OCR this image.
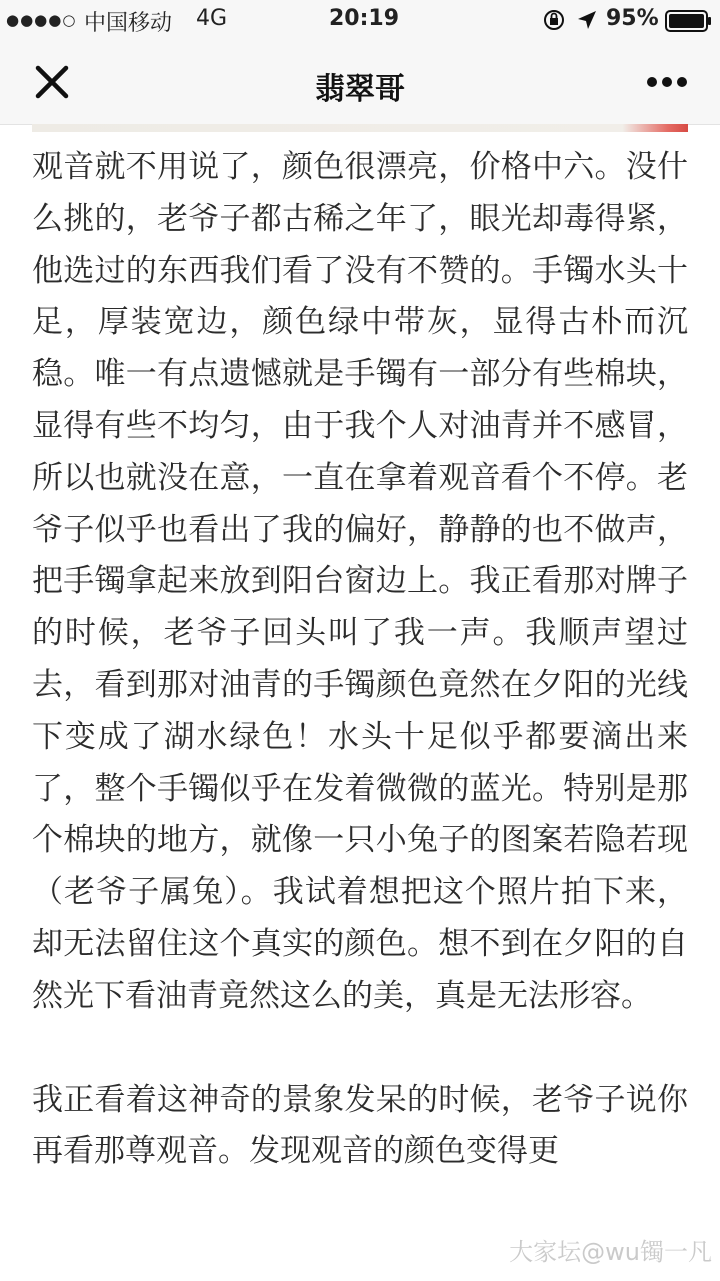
●●●●○ 中国移动 4G	20:19	95%
翡翠哥

观音就不用说了，颜色很漂亮，价格中六。没什么挑的，老爷子都古稀之年了，眼光却毒得紧，他选过的东西我们看了没有不赞的。手镯水头十足，厚装宽边，颜色绿中带灰，显得古朴而沉稳。唯一有点遗憾就是手镯有一部分有些棉块，显得有些不均匀，由于我个人对油青并不感冒，所以也就没在意，一直在拿着观音看个不停。老爷子似乎也看出了我的偏好，静静的也不做声，把手镯拿起来放到阳台窗边上。我正看那对牌子的时候，老爷子回头叫了我一声。我顺声望过去，看到那对油青的手镯颜色竟然在夕阳的光线下变成了湖水绿色！水头十足似乎都要滴出来了，整个手镯似乎在发着微微的蓝光。特别是那个棉块的地方，就像一只小兔子的图案若隐若现（老爷子属兔）。我试着想把这个照片拍下来，却无法留住这个真实的颜色。想不到在夕阳的自然光下看油青竟然这么的美，真是无法形容。

我正看着这神奇的景象发呆的时候，老爷子说你再看那尊观音。发现观音的颜色变得更

大家坛@wu镯一凡
